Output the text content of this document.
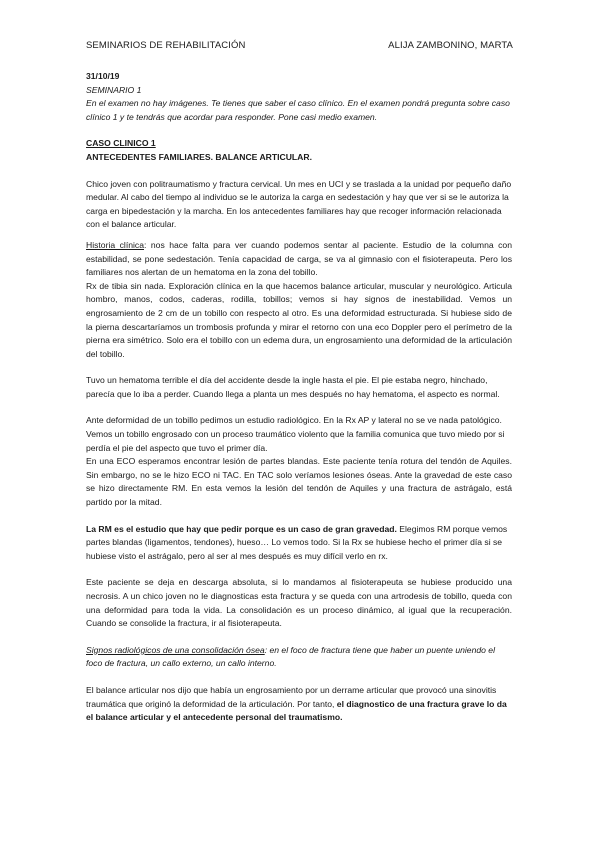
SEMINARIOS DE REHABILITACIÓN	ALIJA ZAMBONINO, MARTA

31/10/19

SEMINARIO 1

En el examen no hay imágenes. Te tienes que saber el caso clínico. En el examen pondrá pregunta sobre caso clínico 1 y te tendrás que acordar para responder. Pone casi medio examen.

CASO CLINICO 1

ANTECEDENTES FAMILIARES. BALANCE ARTICULAR.

Chico joven con politraumatismo y fractura cervical. Un mes en UCI y se traslada a la unidad por pequeño daño medular. Al cabo del tiempo al individuo se le autoriza la carga en sedestación y hay que ver si se le autoriza la carga en bipedestación y la marcha. En los antecedentes familiares hay que recoger información relacionada con el balance articular.

Historia clínica: nos hace falta para ver cuando podemos sentar al paciente. Estudio de la columna con estabilidad, se pone sedestación. Tenía capacidad de carga, se va al gimnasio con el fisioterapeuta. Pero los familiares nos alertan de un hematoma en la zona del tobillo.

Rx de tibia sin nada. Exploración clínica en la que hacemos balance articular, muscular y neurológico. Articula hombro, manos, codos, caderas, rodilla, tobillos; vemos si hay signos de inestabilidad. Vemos un engrosamiento de 2 cm de un tobillo con respecto al otro. Es una deformidad estructurada. Si hubiese sido de la pierna descartaríamos un trombosis profunda y mirar el retorno con una eco Doppler pero el perímetro de la pierna era simétrico. Solo era el tobillo con un edema dura, un engrosamiento una deformidad de la articulación del tobillo.

Tuvo un hematoma terrible el día del accidente desde la ingle hasta el pie. El pie estaba negro, hinchado, parecía que lo iba a perder. Cuando llega a planta un mes después no hay hematoma, el aspecto es normal.

Ante deformidad de un tobillo pedimos un estudio radiológico. En la Rx AP y lateral no se ve nada patológico. Vemos un tobillo engrosado con un proceso traumático violento que la familia comunica que tuvo miedo por si perdía el pie del aspecto que tuvo el primer día.

En una ECO esperamos encontrar lesión de partes blandas. Este paciente tenía rotura del tendón de Aquiles. Sin embargo, no se le hizo ECO ni TAC. En TAC solo veríamos lesiones óseas. Ante la gravedad de este caso se hizo directamente RM. En esta vemos la lesión del tendón de Aquiles y una fractura de astrágalo, está partido por la mitad.

La RM es el estudio que hay que pedir porque es un caso de gran gravedad. Elegimos RM porque vemos partes blandas (ligamentos, tendones), hueso… Lo vemos todo. Si la Rx se hubiese hecho el primer día si se hubiese visto el astrágalo, pero al ser al mes después es muy difícil verlo en rx.

Este paciente se deja en descarga absoluta, si lo mandamos al fisioterapeuta se hubiese producido una necrosis. A un chico joven no le diagnosticas esta fractura y se queda con una artrodesis de tobillo, queda con una deformidad para toda la vida. La consolidación es un proceso dinámico, al igual que la recuperación. Cuando se consolide la fractura, ir al fisioterapeuta.

Signos radiológicos de una consolidación ósea: en el foco de fractura tiene que haber un puente uniendo el foco de fractura, un callo externo, un callo interno.

El balance articular nos dijo que había un engrosamiento por un derrame articular que provocó una sinovitis traumática que originó la deformidad de la articulación. Por tanto, el diagnostico de una fractura grave lo da el balance articular y el antecedente personal del traumatismo.
